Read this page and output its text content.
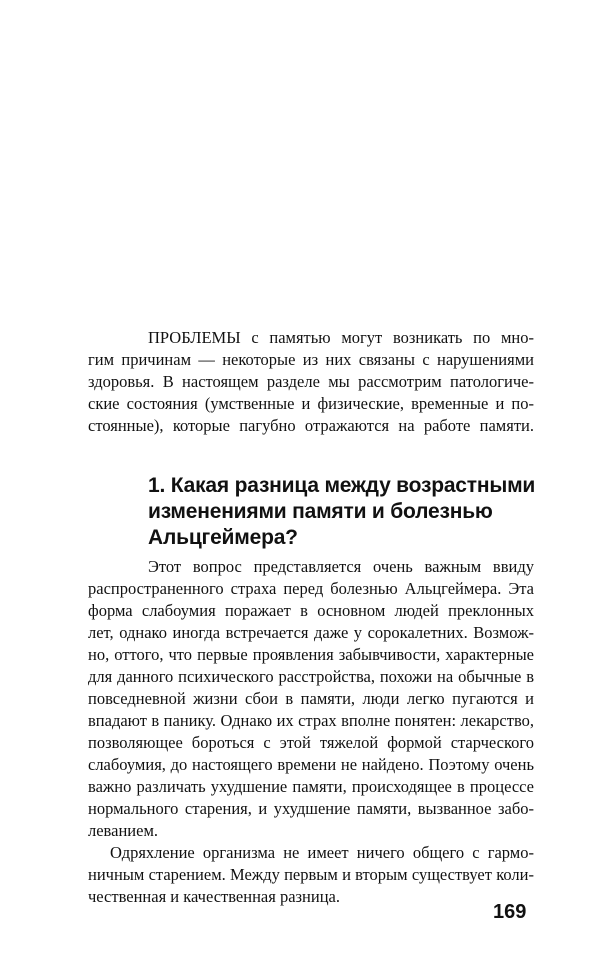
ПРОБЛЕМЫ с памятью могут возникать по мно-
гим причинам — некоторые из них связаны с нарушениями
здоровья. В настоящем разделе мы рассмотрим патологиче-
ские состояния (умственные и физические, временные и по-
стоянные), которые пагубно отражаются на работе памяти.
1. Какая разница между возрастными
изменениями памяти и болезнью
Альцгеймера?
Этот вопрос представляется очень важным ввиду
распространенного страха перед болезнью Альцгеймера. Эта
форма слабоумия поражает в основном людей преклонных
лет, однако иногда встречается даже у сорокалетних. Возмож-
но, оттого, что первые проявления забывчивости, характерные
для данного психического расстройства, похожи на обычные в
повседневной жизни сбои в памяти, люди легко пугаются и
впадают в панику. Однако их страх вполне понятен: лекарство,
позволяющее бороться с этой тяжелой формой старческого
слабоумия, до настоящего времени не найдено. Поэтому очень
важно различать ухудшение памяти, происходящее в процессе
нормального старения, и ухудшение памяти, вызванное забо-
леванием.
Одряхление организма не имеет ничего общего с гармо-
ничным старением. Между первым и вторым существует коли-
чественная и качественная разница.
169
